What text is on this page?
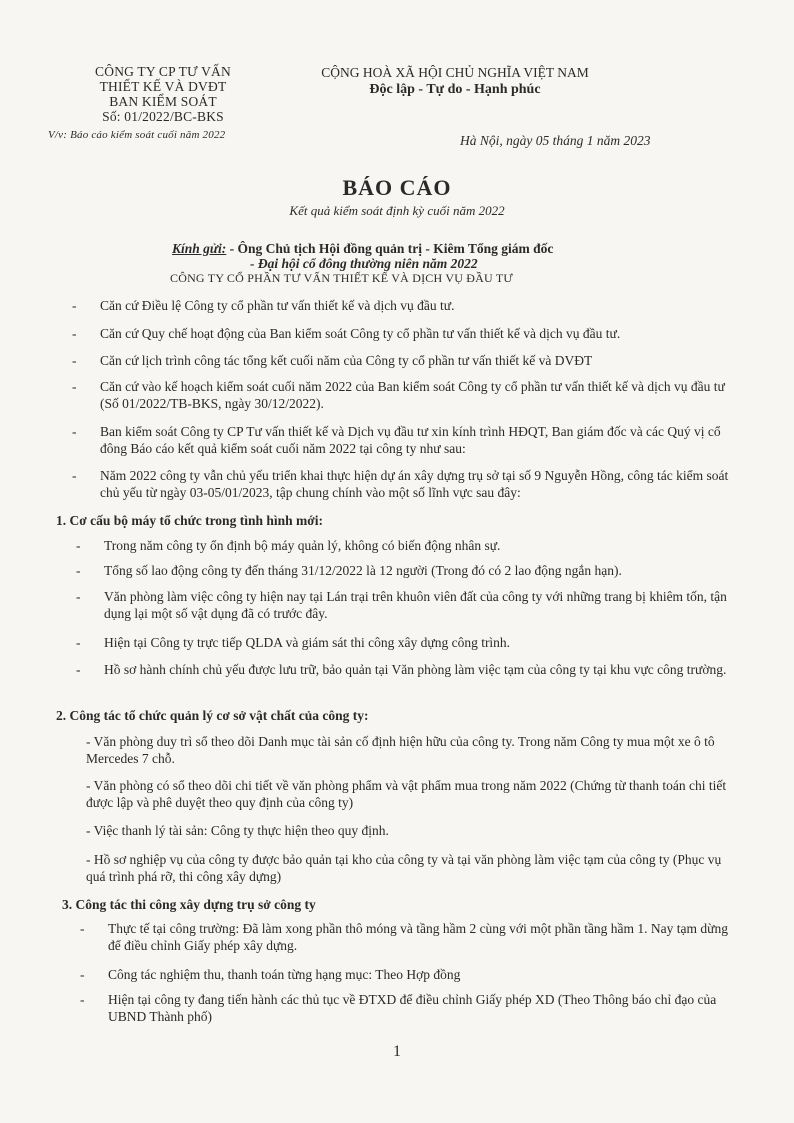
CÔNG TY CP TƯ VẤN
THIẾT KẾ VÀ DVĐT
BAN KIỂM SOÁT
Số: 01/2022/BC-BKS
V/v: Báo cáo kiểm soát cuối năm 2022
CỘNG HOÀ XÃ HỘI CHỦ NGHĨA VIỆT NAM
Độc lập - Tự do - Hạnh phúc
Hà Nội, ngày 05 tháng 1 năm 2023
BÁO CÁO
Kết quả kiểm soát định kỳ cuối năm 2022
Kính gửi: - Ông Chủ tịch Hội đồng quản trị - Kiêm Tổng giám đốc
- Đại hội cổ đông thường niên năm 2022
CÔNG TY CỔ PHẦN TƯ VẤN THIẾT KẾ VÀ DỊCH VỤ ĐẦU TƯ
- Căn cứ Điều lệ Công ty cổ phần tư vấn thiết kế và dịch vụ đầu tư.
- Căn cứ Quy chế hoạt động của Ban kiểm soát Công ty cổ phần tư vấn thiết kế và dịch vụ đầu tư.
- Căn cứ lịch trình công tác tổng kết cuối năm của Công ty cổ phần tư vấn thiết kế và DVĐT
- Căn cứ vào kế hoạch kiểm soát cuối năm 2022 của Ban kiểm soát Công ty cổ phần tư vấn thiết kế và dịch vụ đầu tư (Số 01/2022/TB-BKS, ngày 30/12/2022).
- Ban kiểm soát Công ty CP Tư vấn thiết kế và Dịch vụ đầu tư xin kính trình HĐQT, Ban giám đốc và các Quý vị cổ đông Báo cáo kết quả kiểm soát cuối năm 2022 tại công ty như sau:
- Năm 2022 công ty vẫn chủ yếu triển khai thực hiện dự án xây dựng trụ sở tại số 9 Nguyễn Hồng, công tác kiểm soát chủ yếu từ ngày 03-05/01/2023, tập chung chính vào một số lĩnh vực sau đây:
1. Cơ cấu bộ máy tổ chức trong tình hình mới:
- Trong năm công ty ổn định bộ máy quản lý, không có biến động nhân sự.
- Tổng số lao động công ty đến tháng 31/12/2022 là 12 người (Trong đó có 2 lao động ngắn hạn).
- Văn phòng làm việc công ty hiện nay tại Lán trại trên khuôn viên đất của công ty với những trang bị khiêm tốn, tận dụng lại một số vật dụng đã có trước đây.
- Hiện tại Công ty trực tiếp QLDA và giám sát thi công xây dựng công trình.
- Hồ sơ hành chính chủ yếu được lưu trữ, bảo quản tại Văn phòng làm việc tạm của công ty tại khu vực công trường.
2. Công tác tổ chức quản lý cơ sở vật chất của công ty:
- Văn phòng duy trì sổ theo dõi Danh mục tài sản cố định hiện hữu của công ty. Trong năm Công ty mua một xe ô tô Mercedes 7 chỗ.
- Văn phòng có sổ theo dõi chi tiết về văn phòng phẩm và vật phẩm mua trong năm 2022 (Chứng từ thanh toán chi tiết được lập và phê duyệt theo quy định của công ty)
- Việc thanh lý tài sản: Công ty thực hiện theo quy định.
- Hồ sơ nghiệp vụ của công ty được bảo quản tại kho của công ty và tại văn phòng làm việc tạm của công ty (Phục vụ quá trình phá rỡ, thi công xây dựng)
3. Công tác thi công xây dựng trụ sở công ty
- Thực tế tại công trường: Đã làm xong phần thô móng và tầng hầm 2 cùng với một phần tầng hầm 1. Nay tạm dừng để điều chỉnh Giấy phép xây dựng.
- Công tác nghiệm thu, thanh toán từng hạng mục: Theo Hợp đồng
- Hiện tại công ty đang tiến hành các thủ tục về ĐTXD để điều chỉnh Giấy phép XD (Theo Thông báo chỉ đạo của UBND Thành phố)
1
